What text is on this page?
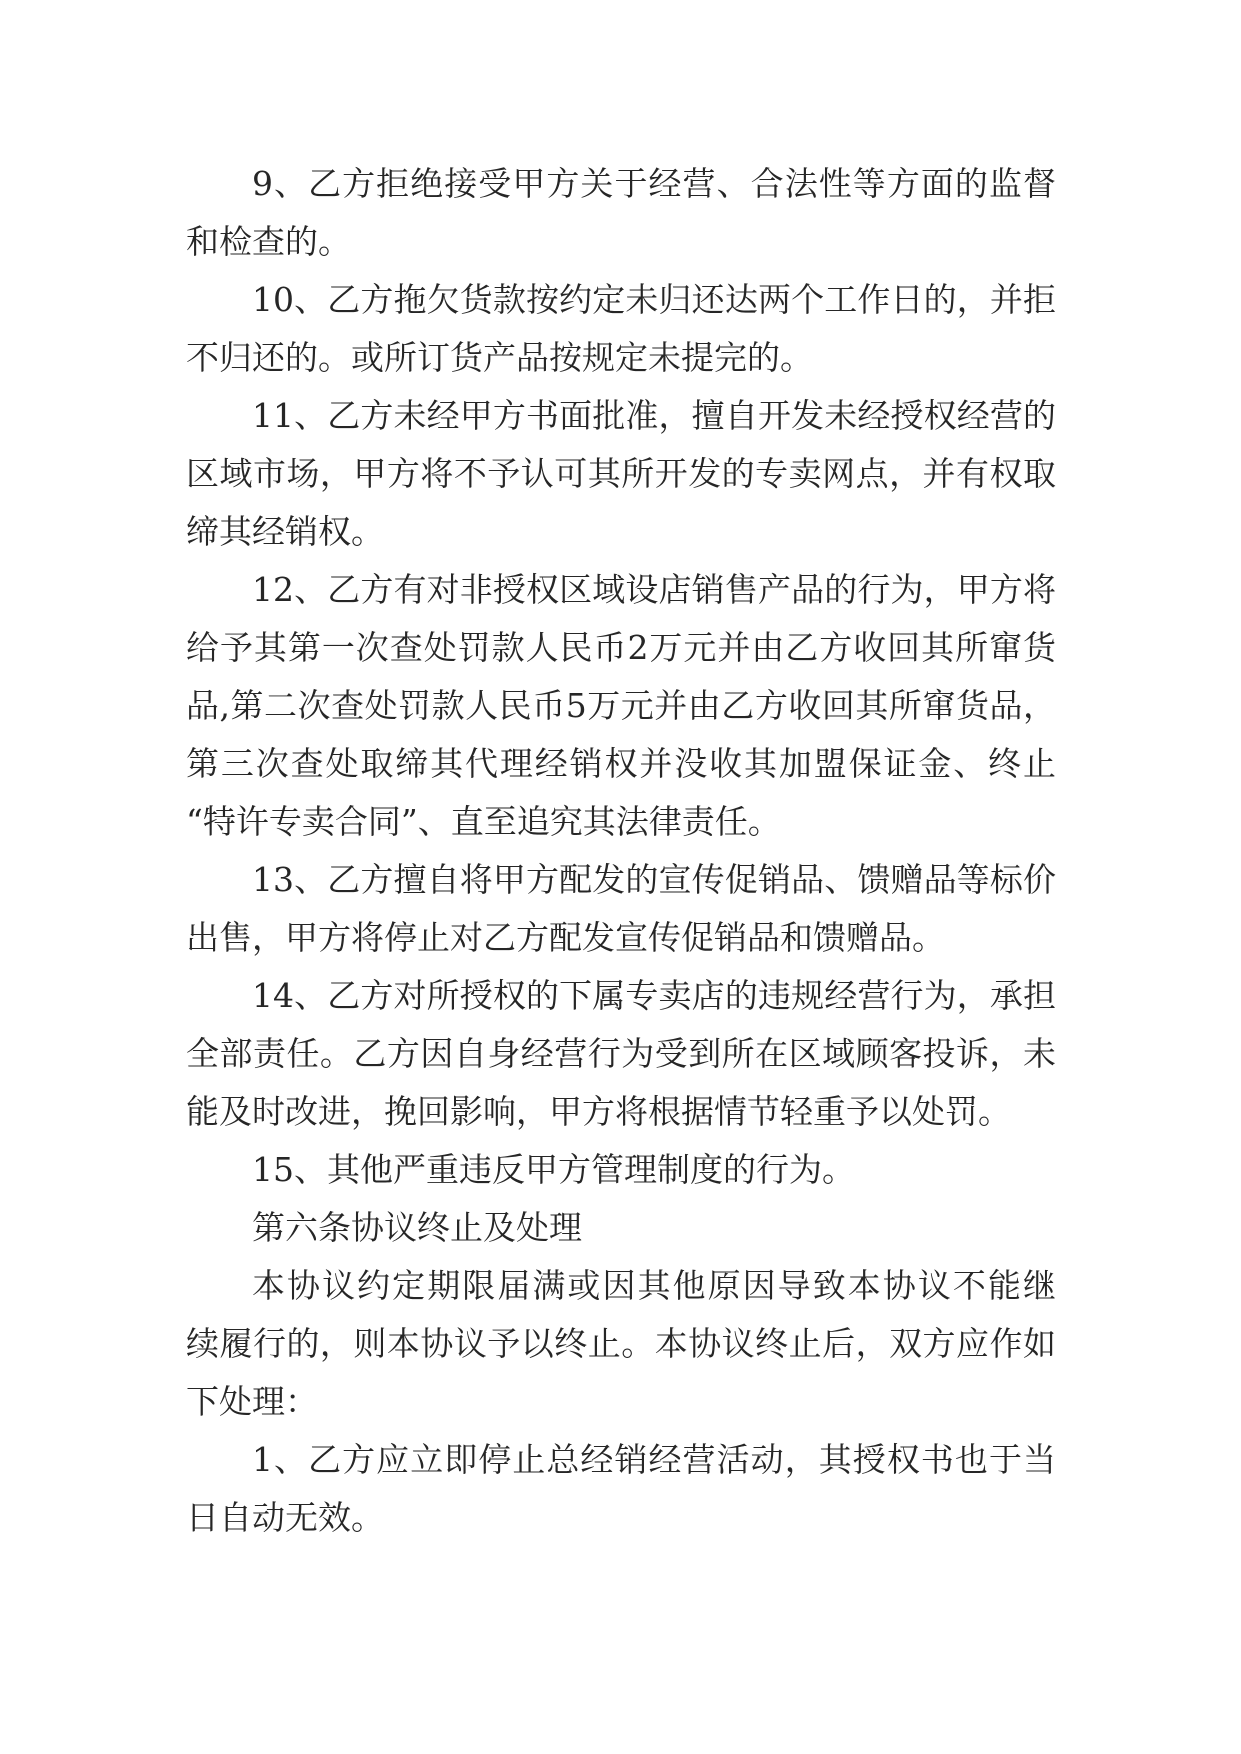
9、乙方拒绝接受甲方关于经营、合法性等方面的监督
和检查的。
10、乙方拖欠货款按约定未归还达两个工作日的，并拒
不归还的。或所订货产品按规定未提完的。
11、乙方未经甲方书面批准，擅自开发未经授权经营的
区域市场，甲方将不予认可其所开发的专卖网点，并有权取
缔其经销权。
12、乙方有对非授权区域设店销售产品的行为，甲方将
给予其第一次查处罚款人民币2万元并由乙方收回其所窜货
品,第二次查处罚款人民币5万元并由乙方收回其所窜货品，
第三次查处取缔其代理经销权并没收其加盟保证金、终止
“特许专卖合同”、直至追究其法律责任。
13、乙方擅自将甲方配发的宣传促销品、馈赠品等标价
出售，甲方将停止对乙方配发宣传促销品和馈赠品。
14、乙方对所授权的下属专卖店的违规经营行为，承担
全部责任。乙方因自身经营行为受到所在区域顾客投诉，未
能及时改进，挽回影响，甲方将根据情节轻重予以处罚。
15、其他严重违反甲方管理制度的行为。
第六条协议终止及处理
本协议约定期限届满或因其他原因导致本协议不能继
续履行的，则本协议予以终止。本协议终止后，双方应作如
下处理：
1、乙方应立即停止总经销经营活动，其授权书也于当
日自动无效。
